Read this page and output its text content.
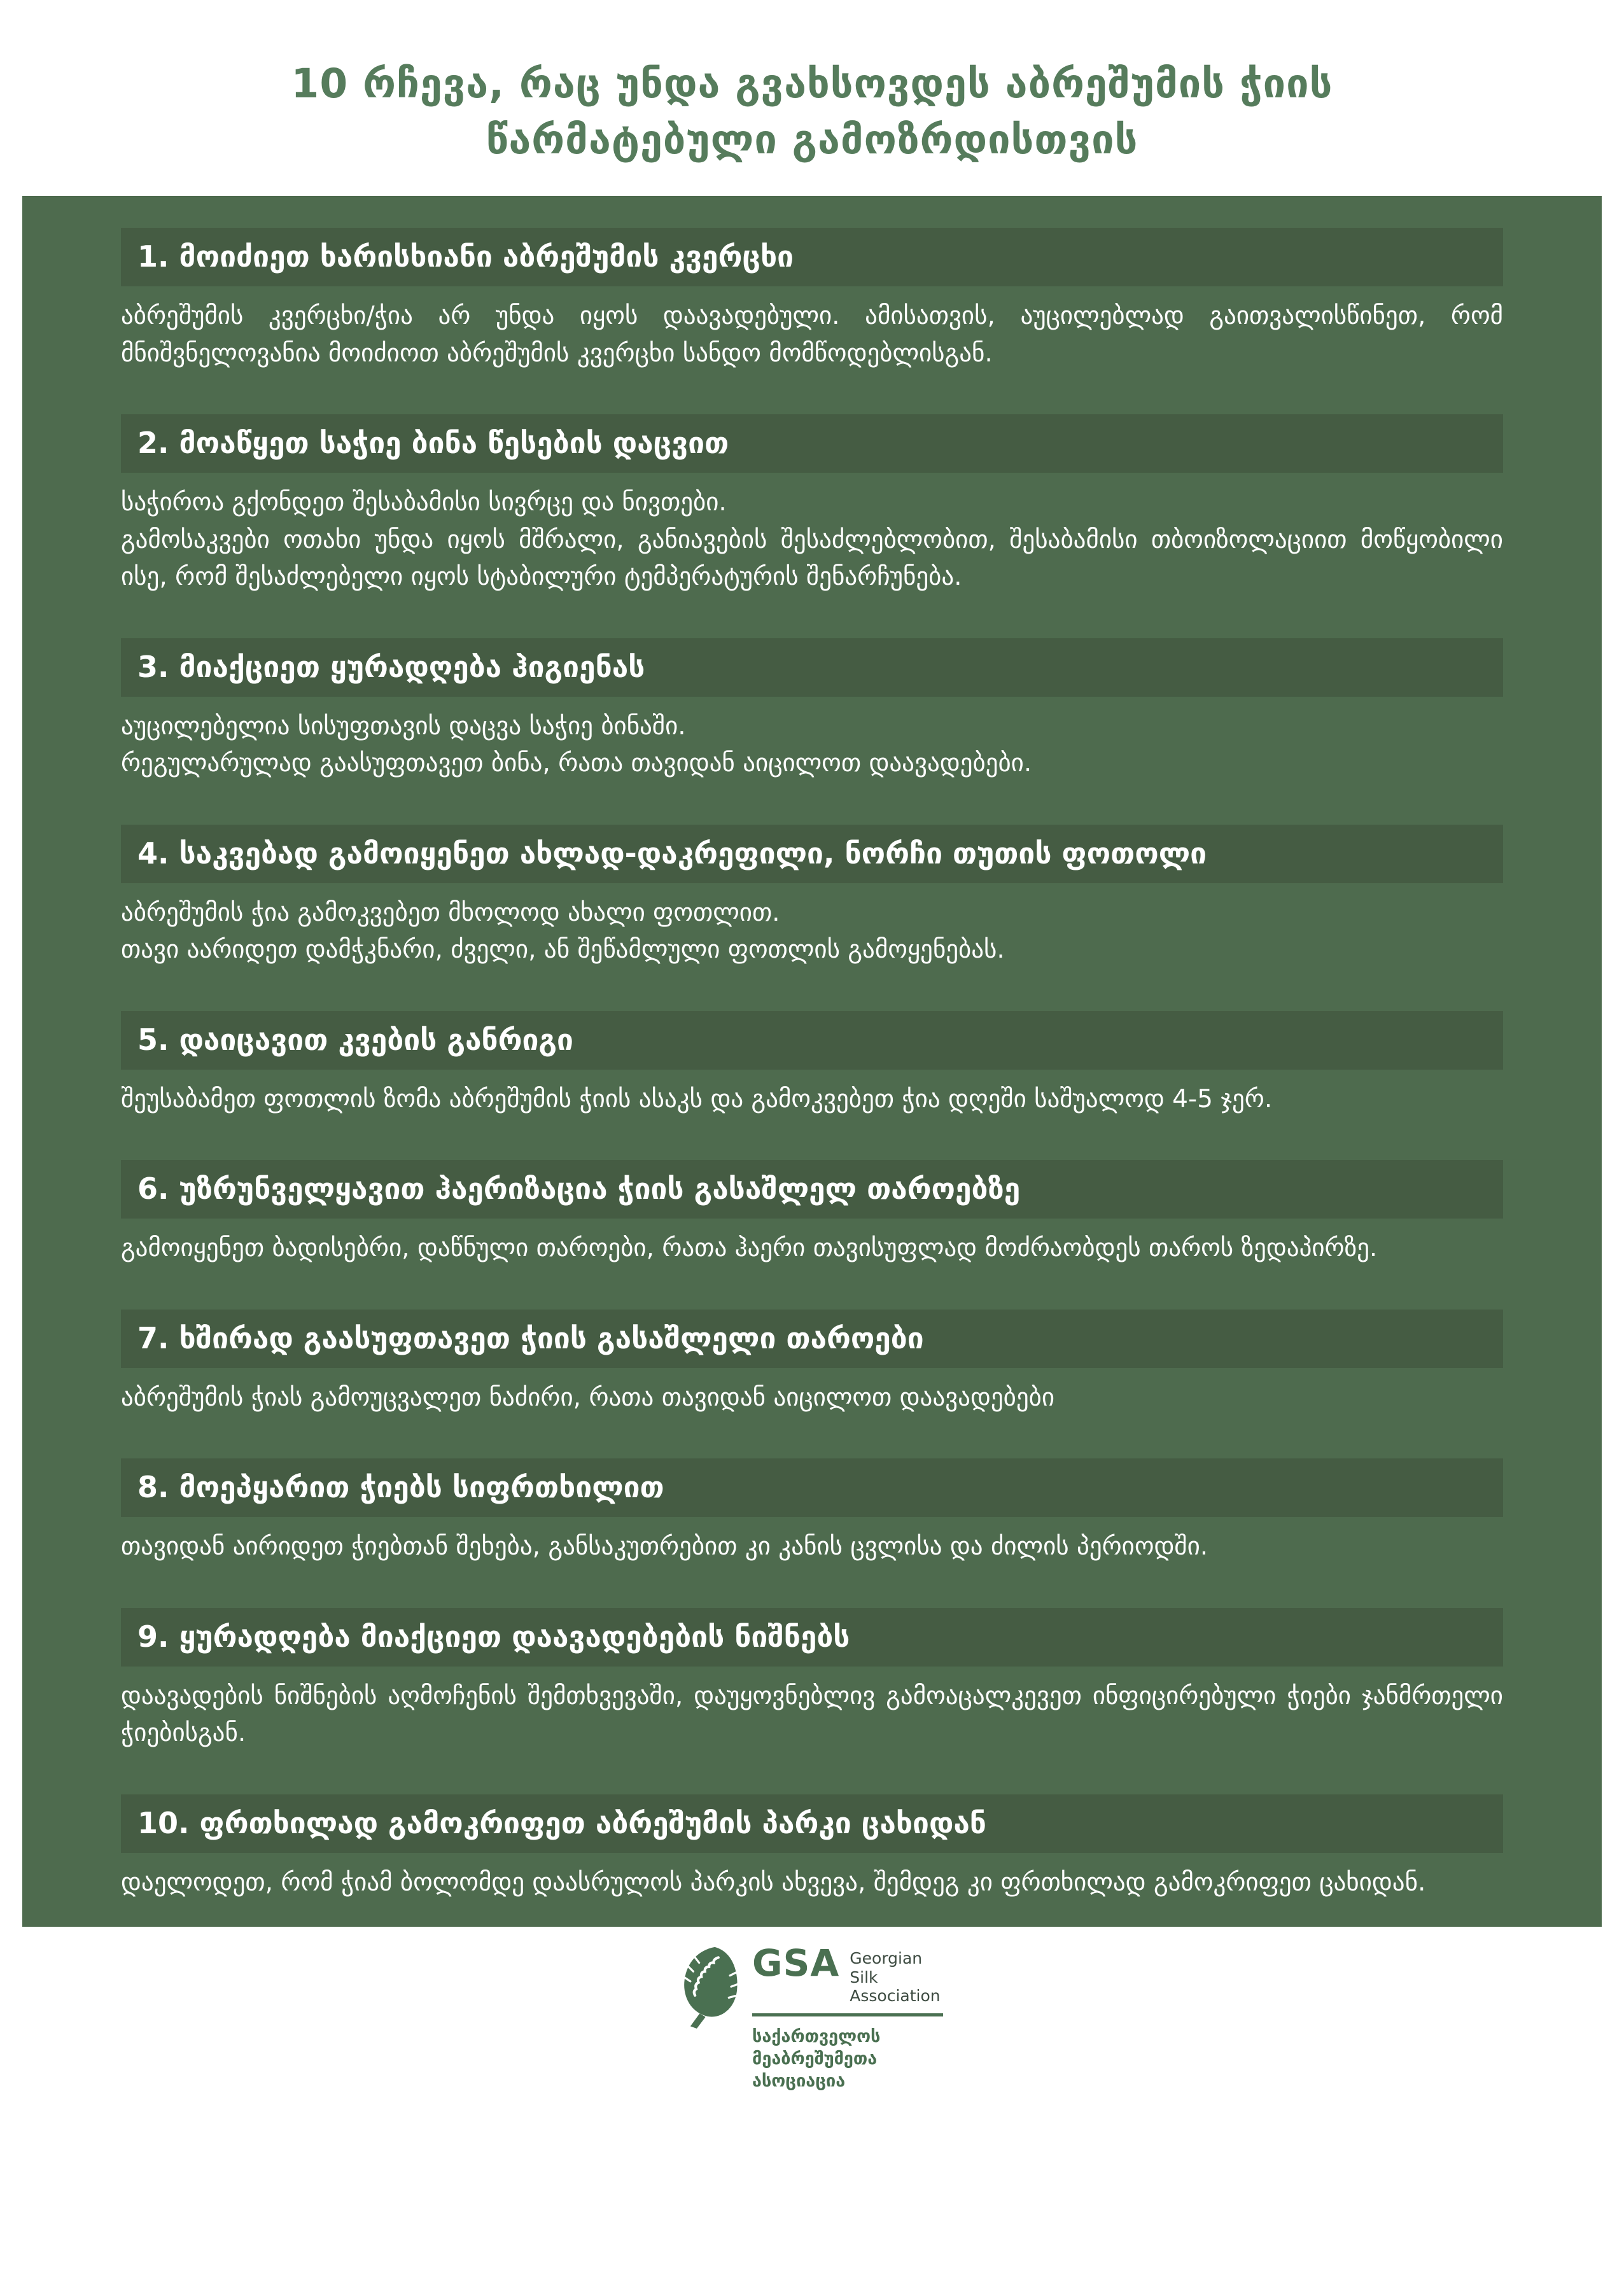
10 რჩევა, რაც უნდა გვახსოვდეს აბრეშუმის ჭიის
წარმატებული გამოზრდისთვის
1. მოიძიეთ ხარისხიანი აბრეშუმის კვერცხი

აბრეშუმის კვერცხი/ჭია არ უნდა იყოს დაავადებული. ამისათვის, აუცილებლად გაითვალისწინეთ, რომ მნიშვნელოვანია მოიძიოთ აბრეშუმის კვერცხი სანდო მომწოდებლისგან.

2. მოაწყეთ საჭიე ბინა წესების დაცვით

საჭიროა გქონდეთ შესაბამისი სივრცე და ნივთები.

გამოსაკვები ოთახი უნდა იყოს მშრალი, განიავების შესაძლებლობით, შესაბამისი თბოიზოლაციით მოწყობილი ისე, რომ შესაძლებელი იყოს სტაბილური ტემპერატურის შენარჩუნება.

3. მიაქციეთ ყურადღება ჰიგიენას

აუცილებელია სისუფთავის დაცვა საჭიე ბინაში.

რეგულარულად გაასუფთავეთ ბინა, რათა თავიდან აიცილოთ დაავადებები.

4. საკვებად გამოიყენეთ ახლად-დაკრეფილი, ნორჩი თუთის ფოთოლი

აბრეშუმის ჭია გამოკვებეთ მხოლოდ ახალი ფოთლით.

თავი აარიდეთ დამჭკნარი, ძველი, ან შეწამლული ფოთლის გამოყენებას.

5. დაიცავით კვების განრიგი

შეუსაბამეთ ფოთლის ზომა აბრეშუმის ჭიის ასაკს და გამოკვებეთ ჭია დღეში საშუალოდ 4-5 ჯერ.

6. უზრუნველყავით ჰაერიზაცია ჭიის გასაშლელ თაროებზე

გამოიყენეთ ბადისებრი, დაწნული თაროები, რათა ჰაერი თავისუფლად მოძრაობდეს თაროს ზედაპირზე.

7. ხშირად გაასუფთავეთ ჭიის გასაშლელი თაროები

აბრეშუმის ჭიას გამოუცვალეთ ნაძირი, რათა თავიდან აიცილოთ დაავადებები

8. მოეპყარით ჭიებს სიფრთხილით

თავიდან აირიდეთ ჭიებთან შეხება, განსაკუთრებით კი კანის ცვლისა და ძილის პერიოდში.

9. ყურადღება მიაქციეთ დაავადებების ნიშნებს

დაავადების ნიშნების აღმოჩენის შემთხვევაში, დაუყოვნებლივ გამოაცალკევეთ ინფიცირებული ჭიები ჯანმრთელი ჭიებისგან.

10. ფრთხილად გამოკრიფეთ აბრეშუმის პარკი ცახიდან

დაელოდეთ, რომ ჭიამ ბოლომდე დაასრულოს პარკის ახვევა, შემდეგ კი ფრთხილად გამოკრიფეთ ცახიდან.

GSA Georgian Silk
Association
საქართველოს მეაბრეშუმეთა
ასოციაცია
